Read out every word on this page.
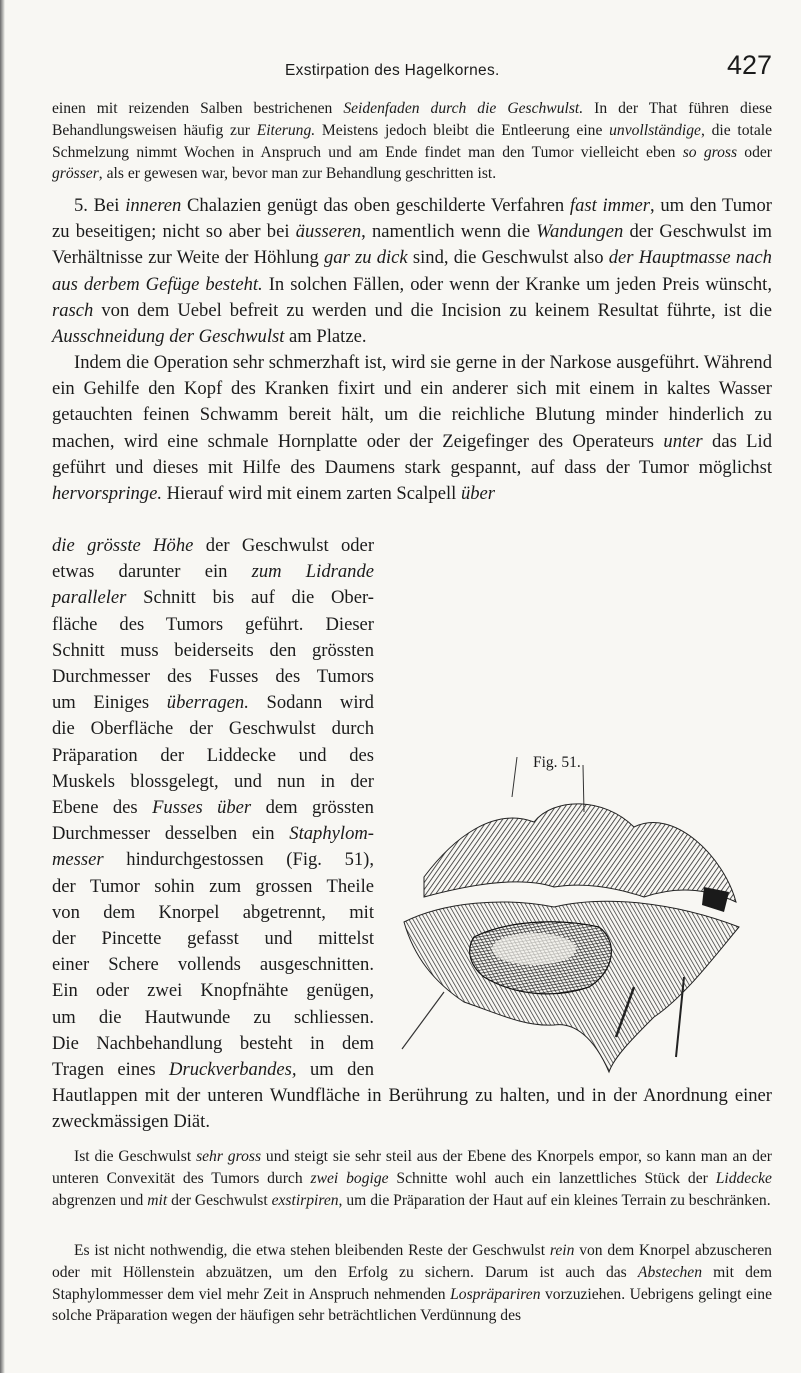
Exstirpation des Hagelkornes.	427

einen mit reizenden Salben bestrichenen Seidenfaden durch die Geschwulst. In der That führen diese Behandlungsweisen häufig zur Eiterung. Meistens jedoch bleibt die Entleerung eine unvollständige, die totale Schmelzung nimmt Wochen in Anspruch und am Ende findet man den Tumor vielleicht eben so gross oder grösser, als er gewesen war, bevor man zur Behandlung geschritten ist.

5. Bei inneren Chalazien genügt das oben geschilderte Verfahren fast immer, um den Tumor zu beseitigen; nicht so aber bei äusseren, namentlich wenn die Wandungen der Geschwulst im Verhältnisse zur Weite der Höhlung gar zu dick sind, die Geschwulst also der Hauptmasse nach aus derbem Gefüge besteht. In solchen Fällen, oder wenn der Kranke um jeden Preis wünscht, rasch von dem Uebel befreit zu werden und die Incision zu keinem Resultat führte, ist die Ausschneidung der Geschwulst am Platze.

Indem die Operation sehr schmerzhaft ist, wird sie gerne in der Narkose ausgeführt. Während ein Gehilfe den Kopf des Kranken fixirt und ein anderer sich mit einem in kaltes Wasser getauchten feinen Schwamm bereit hält, um die reichliche Blutung minder hinderlich zu machen, wird eine schmale Hornplatte oder der Zeigefinger des Operateurs unter das Lid geführt und dieses mit Hilfe des Daumens stark gespannt, auf dass der Tumor möglichst hervorspringe. Hierauf wird mit einem zarten Scalpell über

die grösste Höhe der Geschwulst oder
etwas darunter ein zum Lidrande
paralleler Schnitt bis auf die Ober-
fläche des Tumors geführt. Dieser
Schnitt muss beiderseits den grössten
Durchmesser des Fusses des Tumors
um Einiges überragen. Sodann wird
die Oberfläche der Geschwulst durch
Präparation der Liddecke und des
Muskels blossgelegt, und nun in der
Ebene des Fusses über dem grössten
Durchmesser desselben ein Staphylom-
messer hindurchgestossen (Fig. 51),
der Tumor sohin zum grossen Theile
von dem Knorpel abgetrennt, mit
der Pincette gefasst und mittelst
einer Schere vollends ausgeschnitten.
Ein oder zwei Knopfnähte genügen,
um die Hautwunde zu schliessen.
Die Nachbehandlung besteht in dem
Tragen eines Druckverbandes, um den

Hautlappen mit der unteren Wundfläche in Berührung zu halten, und in der Anordnung einer zweckmässigen Diät.

Fig. 51.

Ist die Geschwulst sehr gross und steigt sie sehr steil aus der Ebene des Knorpels empor, so kann man an der unteren Convexität des Tumors durch zwei bogige Schnitte wohl auch ein lanzettliches Stück der Liddecke abgrenzen und mit der Geschwulst exstirpiren, um die Präparation der Haut auf ein kleines Terrain zu beschränken.

Es ist nicht nothwendig, die etwa stehen bleibenden Reste der Geschwulst rein von dem Knorpel abzuscheren oder mit Höllenstein abzuätzen, um den Erfolg zu sichern. Darum ist auch das Abstechen mit dem Staphylommesser dem viel mehr Zeit in Anspruch nehmenden Lospräpariren vorzuziehen. Uebrigens gelingt eine solche Präparation wegen der häufigen sehr beträchtlichen Verdünnung des
